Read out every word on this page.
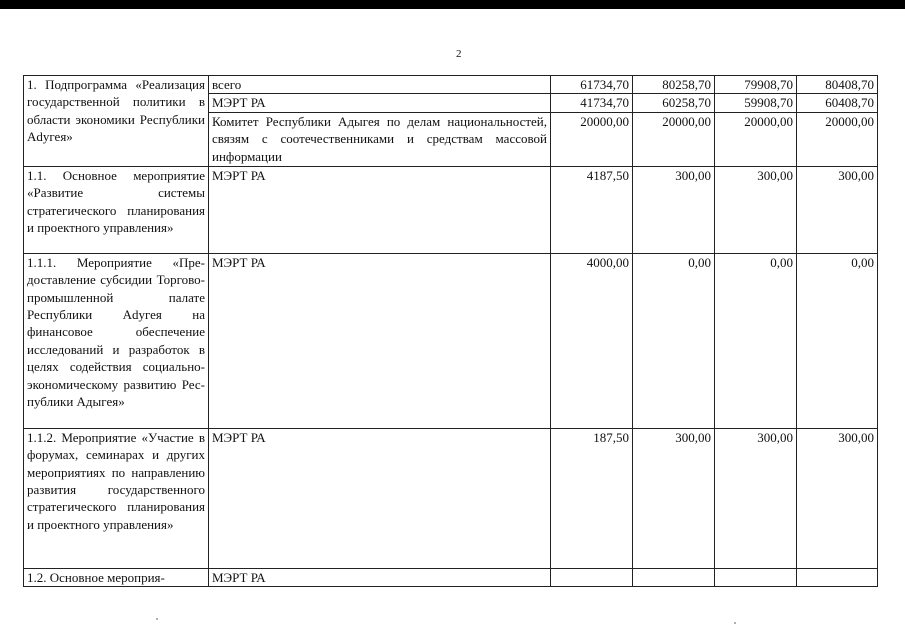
2
1. Подпрограмма «Реализация государственной политики в области экономики Республики Adyгея»	всего	61734,70	80258,70	79908,70	80408,70
	МЭРТ РА	41734,70	60258,70	59908,70	60408,70
	Комитет Республики Адыгея по делам национальностей, связям с соотечественниками и средствам массовой информации	20000,00	20000,00	20000,00	20000,00
1.1. Основное мероприятие «Развитие системы стратегического планирования и проектного управления»	МЭРТ РА	4187,50	300,00	300,00	300,00
1.1.1. Мероприятие «Предоставление субсидии Торгово-промышленной палате Республики Adyгея на финансовое обеспечение исследований и разработок в целях содействия социально-экономическому развитию Республики Адыгея»	МЭРТ РА	4000,00	0,00	0,00	0,00
1.1.2. Мероприятие «Участие в форумах, семинарах и других мероприятиях по направлению развития государственного стратегического планирования и проектного управления»	МЭРТ РА	187,50	300,00	300,00	300,00
1.2. Основное мероприя-	МЭРТ РА				
